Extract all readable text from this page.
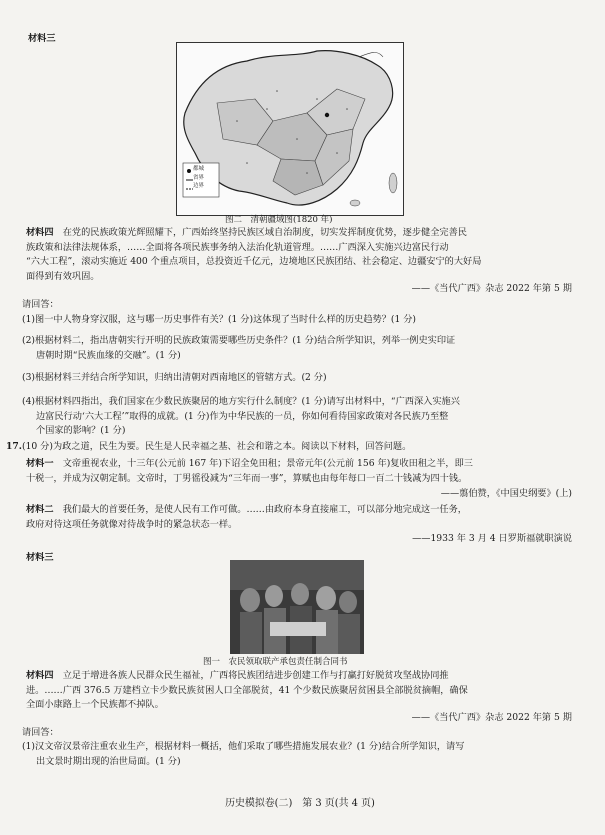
材料三
都城
省界
边界
图二　清朝疆域图(1820 年)
材料四　 在党的民族政策光辉照耀下，广西始终坚持民族区域自治制度，切实发挥制度优势，逐步健全完善民
族政策和法律法规体系，……全面将各项民族事务纳入法治化轨道管理。……广西深入实施兴边富民行动
“六大工程”，滚动实施近 400 个重点项目，总投资近千亿元，边境地区民族团结、社会稳定、边疆安宁的大好局
面得到有效巩固。
——《当代广西》杂志 2022 年第 5 期
请回答：
(1)图一中人物身穿汉服，这与哪一历史事件有关？(1 分)这体现了当时什么样的历史趋势？(1 分)
(2)根据材料二，指出唐朝实行开明的民族政策需要哪些历史条件？(1 分)结合所学知识，列举一例史实印证
唐朝时期“民族血缘的交融”。(1 分)
(3)根据材料三并结合所学知识，归纳出清朝对西南地区的管辖方式。(2 分)
(4)根据材料四指出，我们国家在少数民族聚居的地方实行什么制度？(1 分)请写出材料中，“广西深入实施兴
边富民行动‘六大工程’”取得的成就。(1 分)作为中华民族的一员，你如何看待国家政策对各民族乃至整
个国家的影响？(1 分)
17.(10 分)为政之道，民生为要。民生是人民幸福之基、社会和谐之本。阅读以下材料，回答问题。
材料一　 文帝重视农业，十三年(公元前 167 年)下诏全免田租；景帝元年(公元前 156 年)复收田租之半，即三
十税一，并成为汉朝定制。文帝时，丁男徭役减为“三年而一事”，算赋也由每年每口一百二十钱减为四十钱。
——翦伯赞，《中国史纲要》(上)
材料二　 我们最大的首要任务，是使人民有工作可做。……由政府本身直接雇工，可以部分地完成这一任务，
政府对待这项任务就像对待战争时的紧急状态一样。
——1933 年 3 月 4 日罗斯福就职演说
材料三
图一　农民领取联产承包责任制合同书
材料四　 立足于增进各族人民群众民生福祉，广西将民族团结进步创建工作与打赢打好脱贫攻坚战协同推
进。……广西 376.5 万建档立卡少数民族贫困人口全部脱贫，41 个少数民族聚居贫困县全部脱贫摘帽，确保
全面小康路上一个民族都不掉队。
——《当代广西》杂志 2022 年第 5 期
请回答：
(1)汉文帝汉景帝注重农业生产，根据材料一概括，他们采取了哪些措施发展农业？(1 分)结合所学知识，请写
出文景时期出现的治世局面。(1 分)
历史模拟卷(二)　第 3 页(共 4 页)
